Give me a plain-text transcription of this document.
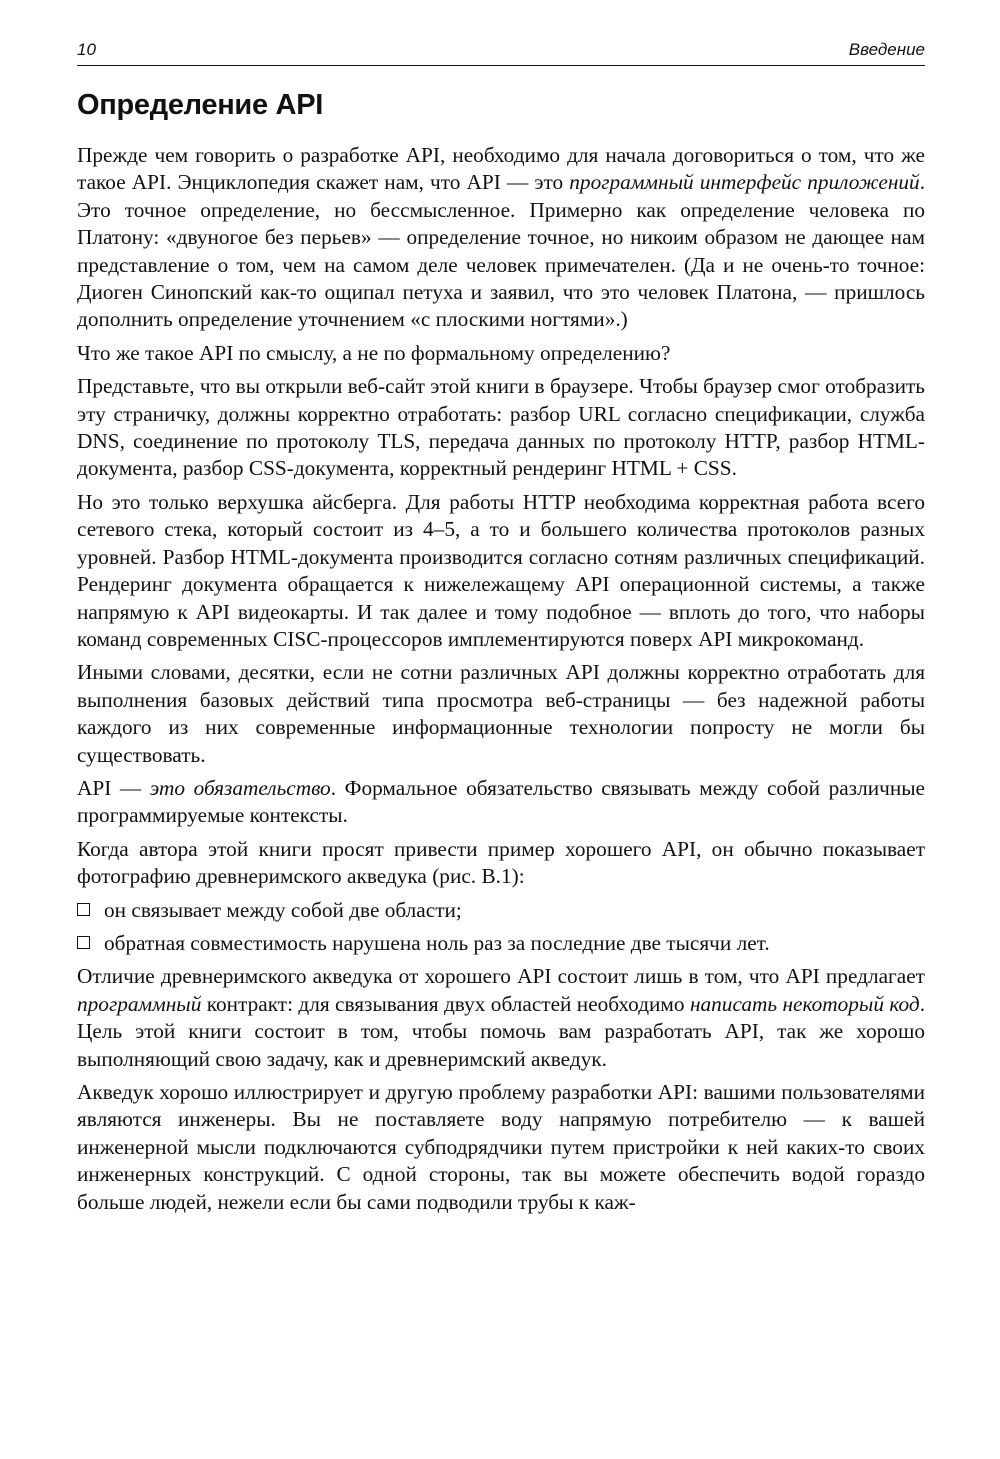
10	Введение
Определение API

Прежде чем говорить о разработке API, необходимо для начала договориться о том, что же такое API. Энциклопедия скажет нам, что API — это программный интерфейс приложений. Это точное определение, но бессмысленное. Примерно как определение человека по Платону: «двуногое без перьев» — определение точное, но никоим образом не дающее нам представление о том, чем на самом деле человек примечателен. (Да и не очень-то точное: Диоген Синопский как-то ощипал петуха и заявил, что это человек Платона, — пришлось дополнить определение уточнением «с плоскими ногтями».)

Что же такое API по смыслу, а не по формальному определению?

Представьте, что вы открыли веб-сайт этой книги в браузере. Чтобы браузер смог отобразить эту страничку, должны корректно отработать: разбор URL согласно спецификации, служба DNS, соединение по протоколу TLS, передача данных по протоколу HTTP, разбор HTML-документа, разбор CSS-документа, корректный рендеринг HTML + CSS.

Но это только верхушка айсберга. Для работы HTTP необходима корректная работа всего сетевого стека, который состоит из 4–5, а то и большего количества протоколов разных уровней. Разбор HTML-документа производится согласно сотням различных спецификаций. Рендеринг документа обращается к нижележащему API операционной системы, а также напрямую к API видеокарты. И так далее и тому подобное — вплоть до того, что наборы команд современных CISC-процессоров имплементируются поверх API микрокоманд.

Иными словами, десятки, если не сотни различных API должны корректно отработать для выполнения базовых действий типа просмотра веб-страницы — без надежной работы каждого из них современные информационные технологии попросту не могли бы существовать.

API — это обязательство. Формальное обязательство связывать между собой различные программируемые контексты.

Когда автора этой книги просят привести пример хорошего API, он обычно показывает фотографию древнеримского акведука (рис. В.1):

он связывает между собой две области;
обратная совместимость нарушена ноль раз за последние две тысячи лет.

Отличие древнеримского акведука от хорошего API состоит лишь в том, что API предлагает программный контракт: для связывания двух областей необходимо написать некоторый код. Цель этой книги состоит в том, чтобы помочь вам разработать API, так же хорошо выполняющий свою задачу, как и древнеримский акведук.

Акведук хорошо иллюстрирует и другую проблему разработки API: вашими пользователями являются инженеры. Вы не поставляете воду напрямую потребителю — к вашей инженерной мысли подключаются субподрядчики путем пристройки к ней каких-то своих инженерных конструкций. С одной стороны, так вы можете обеспечить водой гораздо больше людей, нежели если бы сами подводили трубы к каж-
